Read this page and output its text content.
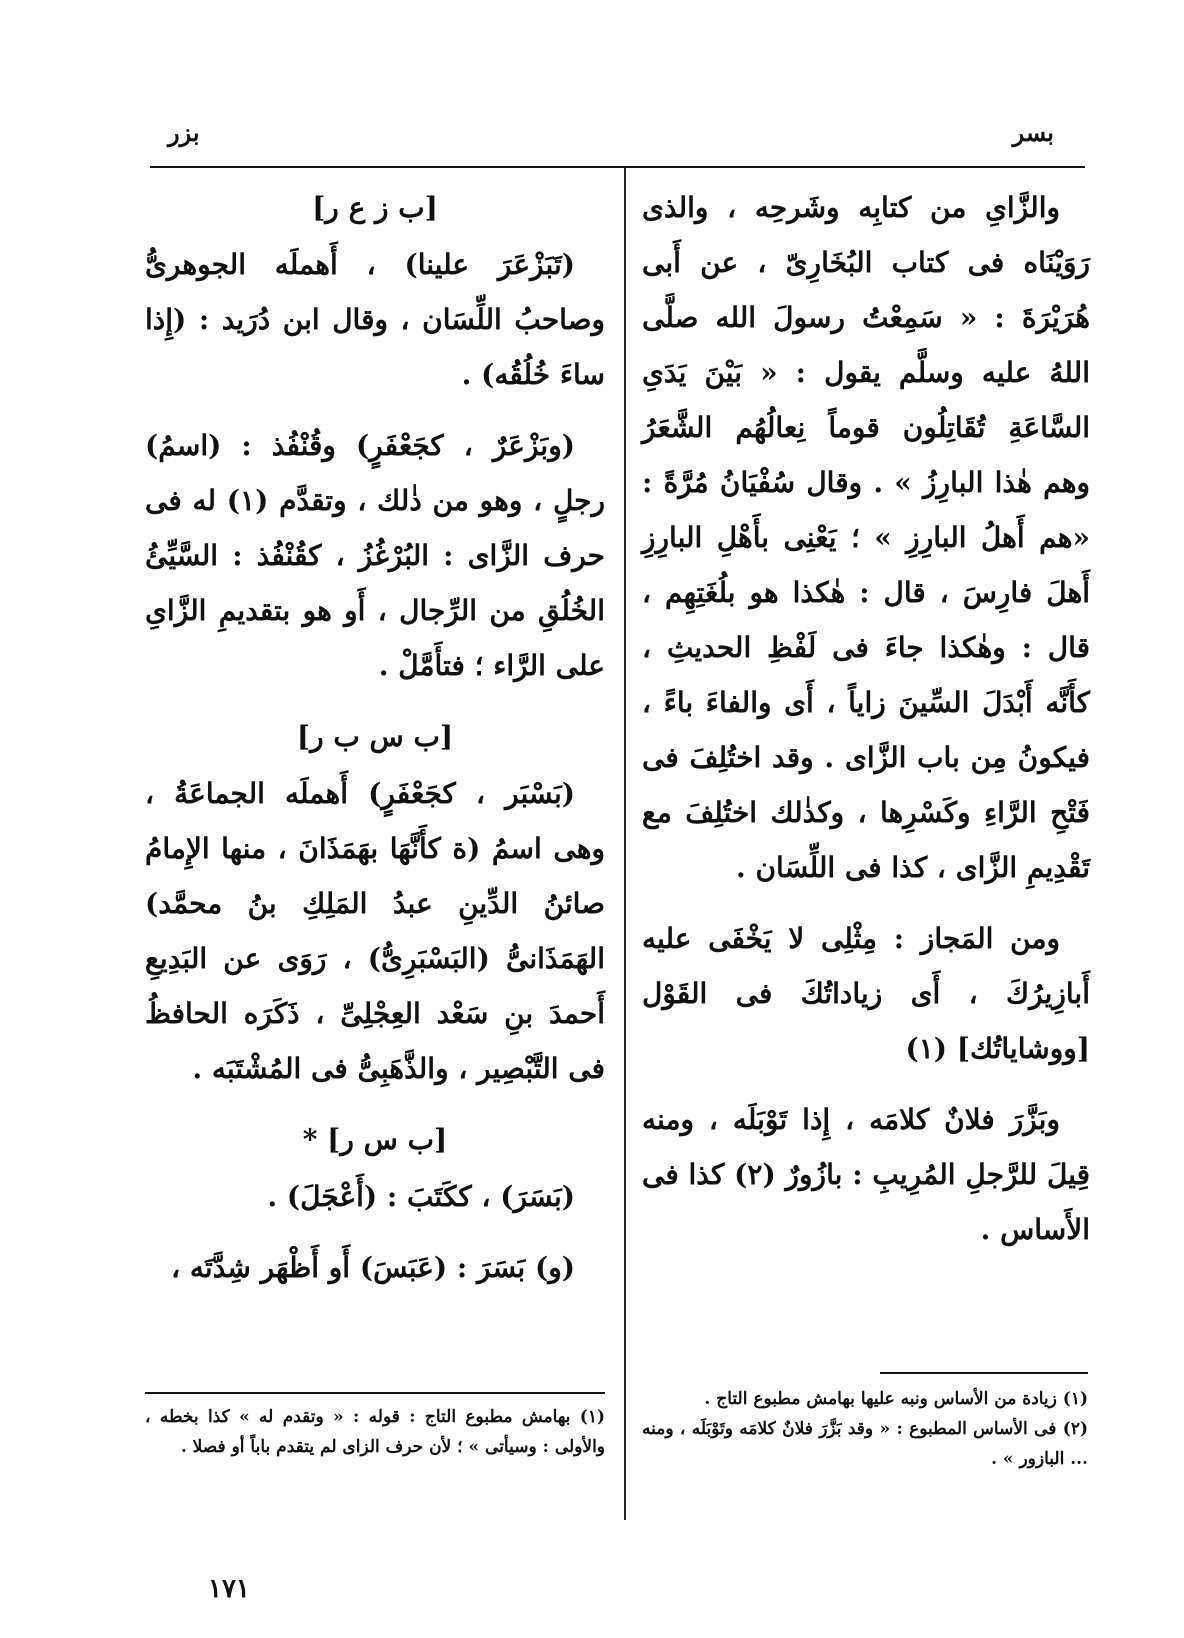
بسر
بزر

والزَّاىِ من كتابِه وشَرحِه ، والذى رَوَيْنَاه فى كتاب البُخَارِىّ ، عن أَبى هُرَيْرَةَ : « سَمِعْتُ رسولَ الله صلَّى اللهُ عليه وسلَّم يقول : « بَيْنَ يَدَىِ السَّاعَةِ تُقَاتِلُون قوماً نِعالُهُم الشَّعَرُ وهم هٰذا البارِزُ » . وقال سُفْيَانُ مُرَّةً : «هم أَهلُ البارِزِ » ؛ يَعْنِى بأَهْلِ البارِزِ أَهلَ فارِسَ ، قال : هٰكذا هو بلُغَتِهِم ، قال : وهٰكذا جاءَ فى لَفْظِ الحديثِ ، كأَنَّه أَبْدَلَ السِّينَ زاياً ، أَى والفاءَ باءً ، فيكونُ مِن باب الزَّاى . وقد اختُلِفَ فى فَتْحِ الرَّاءِ وكَسْرِها ، وكذٰلك اختُلِفَ مع تَقْدِيمِ الزَّاى ، كذا فى اللِّسَان .

ومن المَجاز : مِثْلِى لا يَخْفَى عليه أَبازِيرُكَ ، أَى زياداتُكَ فى القَوْل [ووشاياتُك] (١)

وبَزَّرَ فلانٌ كلامَه ، إِذا تَوْبَلَه ، ومنه قِيلَ للرَّجلِ المُرِيبِ : بازُورٌ (٢) كذا فى الأَساس .

[ب ز ع ر]

(تَبَزْعَرَ علينا) ، أَهملَه الجوهرىُّ وصاحبُ اللِّسَان ، وقال ابن دُرَيد : (إِذا ساءَ خُلُقُه) .

(وبَزْعَرٌ ، كجَعْفَرٍ) وقُنْفُذ : (اسمُ) رجلٍ ، وهو من ذٰلك ، وتقدَّم (١) له فى حرف الزَّاى : البُرْغُزُ ، كقُنْفُذ : السَّيِّئُ الخُلُقِ من الرِّجال ، أَو هو بتقديمِ الزَّاىِ على الرَّاء ؛ فتأَمَّلْ .

[ب س ب ر]

(بَسْبَر ، كجَعْفَرٍ) أَهملَه الجماعَةُ ، وهى اسمُ (ة كأَنَّهَا بهَمَذَانَ ، منها الإِمامُ صائنُ الدِّينِ عبدُ المَلِكِ بنُ محمَّد) الهَمَذَانىُّ (البَسْبَرِىُّ) ، رَوَى عن البَدِيعِ أَحمدَ بنِ سَعْد العِجْلِىِّ ، ذَكَرَه الحافظُ فى التَّبْصِير ، والذَّهَبِىُّ فى المُشْتَبَه .

[ب س ر] *

(بَسَرَ) ، ككَتَبَ : (أَعْجَلَ) .

(و) بَسَرَ : (عَبَسَ) أَو أَظْهَر شِدَّتَه ،

(١) زيادة من الأساس ونبه عليها بهامش مطبوع التاج .
(٢) فى الأساس المطبوع : « وقد بَزَّرَ فلانٌ كلامَه وتَوْبَلَه ، ومنه ... البازور » .
(١) بهامش مطبوع التاج : قوله : « وتقدم له » كذا بخطه ، والأولى : وسيأتى » ؛ لأن حرف الزاى لم يتقدم باباً أو فصلا .
١٧١
